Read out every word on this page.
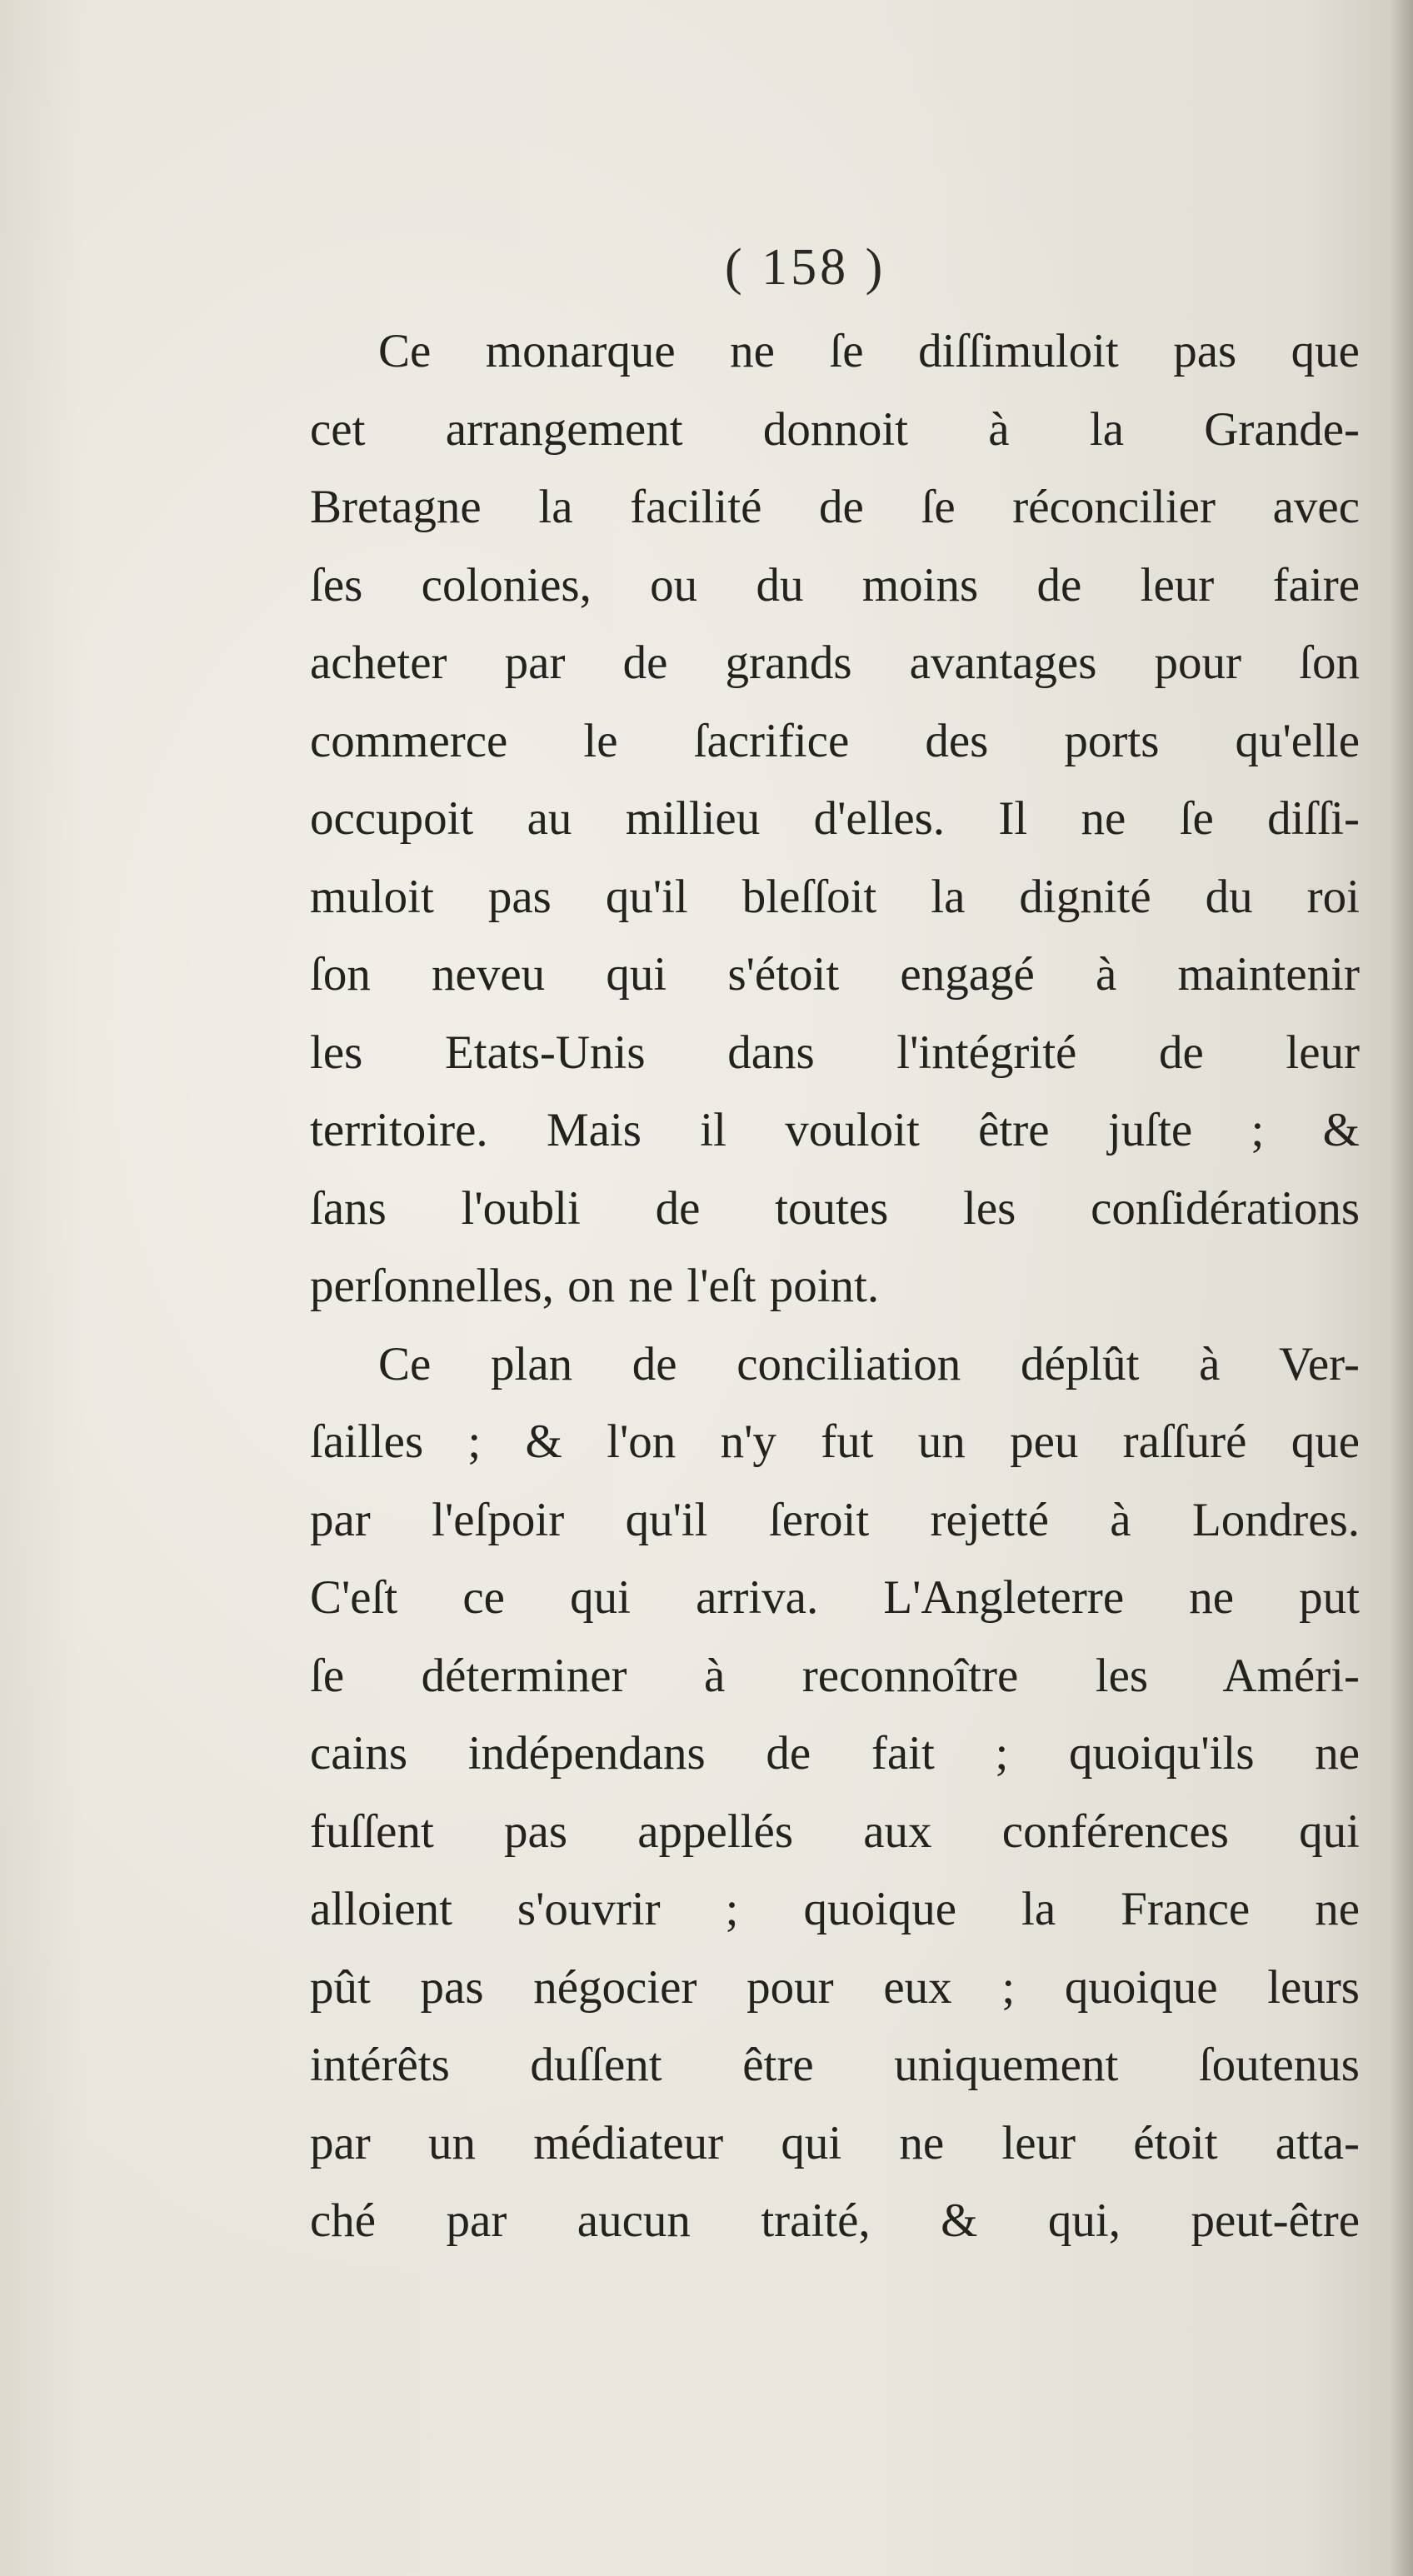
( 158 )
Ce monarque ne ſe diſſimuloit pas que
cet arrangement donnoit à la Grande-
Bretagne la facilité de ſe réconcilier avec
ſes colonies, ou du moins de leur faire
acheter par de grands avantages pour ſon
commerce le ſacrifice des ports qu'elle
occupoit au millieu d'elles. Il ne ſe diſſi-
muloit pas qu'il bleſſoit la dignité du roi
ſon neveu qui s'étoit engagé à maintenir
les Etats-Unis dans l'intégrité de leur
territoire. Mais il vouloit être juſte ; &
ſans l'oubli de toutes les conſidérations
perſonnelles, on ne l'eſt point.
Ce plan de conciliation déplût à Ver-
ſailles ; & l'on n'y fut un peu raſſuré que
par l'eſpoir qu'il ſeroit rejetté à Londres.
C'eſt ce qui arriva. L'Angleterre ne put
ſe déterminer à reconnoître les Améri-
cains indépendans de fait ; quoiqu'ils ne
fuſſent pas appellés aux conférences qui
alloient s'ouvrir ; quoique la France ne
pût pas négocier pour eux ; quoique leurs
intérêts duſſent être uniquement ſoutenus
par un médiateur qui ne leur étoit atta-
ché par aucun traité, & qui, peut-être
